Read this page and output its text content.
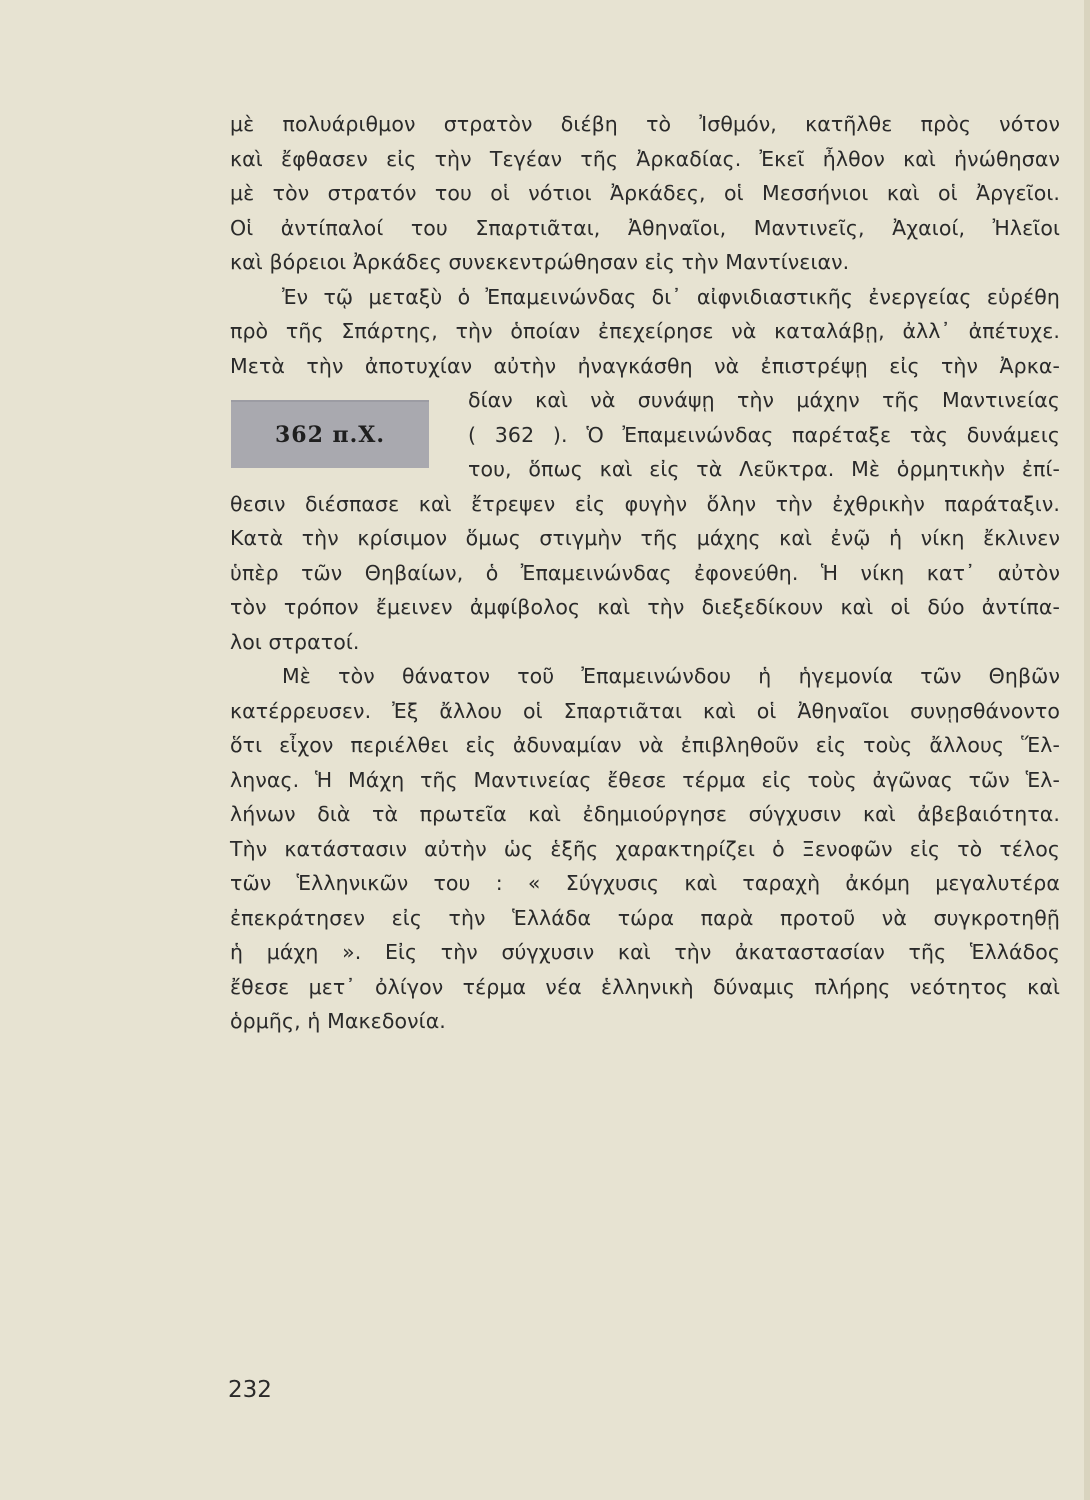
362 π.Χ.
μὲ πολυάριθμον στρατὸν διέβη τὸ Ἰσθμόν, κατῆλθε πρὸς νότον
καὶ ἔφθασεν εἰς τὴν Τεγέαν τῆς Ἀρκαδίας. Ἐκεῖ ἦλθον καὶ ἡνώθησαν
μὲ τὸν στρατόν του οἱ νότιοι Ἀρκάδες, οἱ Μεσσήνιοι καὶ οἱ Ἀργεῖοι.
Οἱ ἀντίπαλοί του Σπαρτιᾶται, Ἀθηναῖοι, Μαντινεῖς, Ἀχαιοί, Ἠλεῖοι
καὶ βόρειοι Ἀρκάδες συνεκεντρώθησαν εἰς τὴν Μαντίνειαν.
Ἐν τῷ μεταξὺ ὁ Ἐπαμεινώνδας δι᾽ αἰφνιδιαστικῆς ἐνεργείας εὑρέθη
πρὸ τῆς Σπάρτης, τὴν ὁποίαν ἐπεχείρησε νὰ καταλάβῃ, ἀλλ᾽ ἀπέτυχε.
Μετὰ τὴν ἀποτυχίαν αὐτὴν ἠναγκάσθη νὰ ἐπιστρέψῃ εἰς τὴν Ἀρκα-
δίαν καὶ νὰ συνάψῃ τὴν μάχην τῆς Μαντινείας
( 362 ). Ὁ Ἐπαμεινώνδας παρέταξε τὰς δυνάμεις
του, ὅπως καὶ εἰς τὰ Λεῦκτρα. Μὲ ὁρμητικὴν ἐπί-
θεσιν διέσπασε καὶ ἔτρεψεν εἰς φυγὴν ὅλην τὴν ἐχθρικὴν παράταξιν.
Κατὰ τὴν κρίσιμον ὅμως στιγμὴν τῆς μάχης καὶ ἐνῷ ἡ νίκη ἔκλινεν
ὑπὲρ τῶν Θηβαίων, ὁ Ἐπαμεινώνδας ἐφονεύθη. Ἡ νίκη κατ᾽ αὐτὸν
τὸν τρόπον ἔμεινεν ἀμφίβολος καὶ τὴν διεξεδίκουν καὶ οἱ δύο ἀντίπα-
λοι στρατοί.
Μὲ τὸν θάνατον τοῦ Ἐπαμεινώνδου ἡ ἡγεμονία τῶν Θηβῶν
κατέρρευσεν. Ἐξ ἄλλου οἱ Σπαρτιᾶται καὶ οἱ Ἀθηναῖοι συνῃσθάνοντο
ὅτι εἶχον περιέλθει εἰς ἀδυναμίαν νὰ ἐπιβληθοῦν εἰς τοὺς ἄλλους Ἕλ-
ληνας. Ἡ Μάχη τῆς Μαντινείας ἔθεσε τέρμα εἰς τοὺς ἀγῶνας τῶν Ἑλ-
λήνων διὰ τὰ πρωτεῖα καὶ ἐδημιούργησε σύγχυσιν καὶ ἀβεβαιότητα.
Τὴν κατάστασιν αὐτὴν ὡς ἑξῆς χαρακτηρίζει ὁ Ξενοφῶν εἰς τὸ τέλος
τῶν Ἑλληνικῶν του : « Σύγχυσις καὶ ταραχὴ ἀκόμη μεγαλυτέρα
ἐπεκράτησεν εἰς τὴν Ἑλλάδα τώρα παρὰ προτοῦ νὰ συγκροτηθῇ
ἡ μάχη ». Εἰς τὴν σύγχυσιν καὶ τὴν ἀκαταστασίαν τῆς Ἑλλάδος
ἔθεσε μετ᾽ ὀλίγον τέρμα νέα ἑλληνικὴ δύναμις πλήρης νεότητος καὶ
ὁρμῆς, ἡ Μακεδονία.
232
